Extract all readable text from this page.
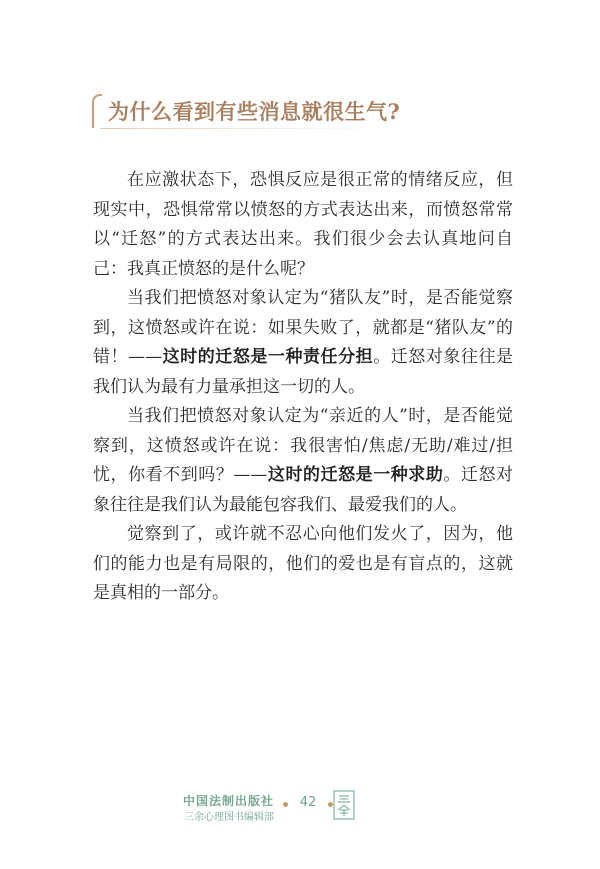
为什么看到有些消息就很生气?

在应激状态下，恐惧反应是很正常的情绪反应，但现实中，恐惧常常以愤怒的方式表达出来，而愤怒常常以“迁怒”的方式表达出来。我们很少会去认真地问自己：我真正愤怒的是什么呢？

当我们把愤怒对象认定为“猪队友”时，是否能觉察到，这愤怒或许在说：如果失败了，就都是“猪队友”的错！——这时的迁怒是一种责任分担。迁怒对象往往是我们认为最有力量承担这一切的人。

当我们把愤怒对象认定为“亲近的人”时，是否能觉察到，这愤怒或许在说：我很害怕/焦虑/无助/难过/担忧，你看不到吗？——这时的迁怒是一种求助。迁怒对象往往是我们认为最能包容我们、最爱我们的人。

觉察到了，或许就不忍心向他们发火了，因为，他们的能力也是有局限的，他们的爱也是有盲点的，这就是真相的一部分。

中国法制出版社
三余心理图书编辑部
42
